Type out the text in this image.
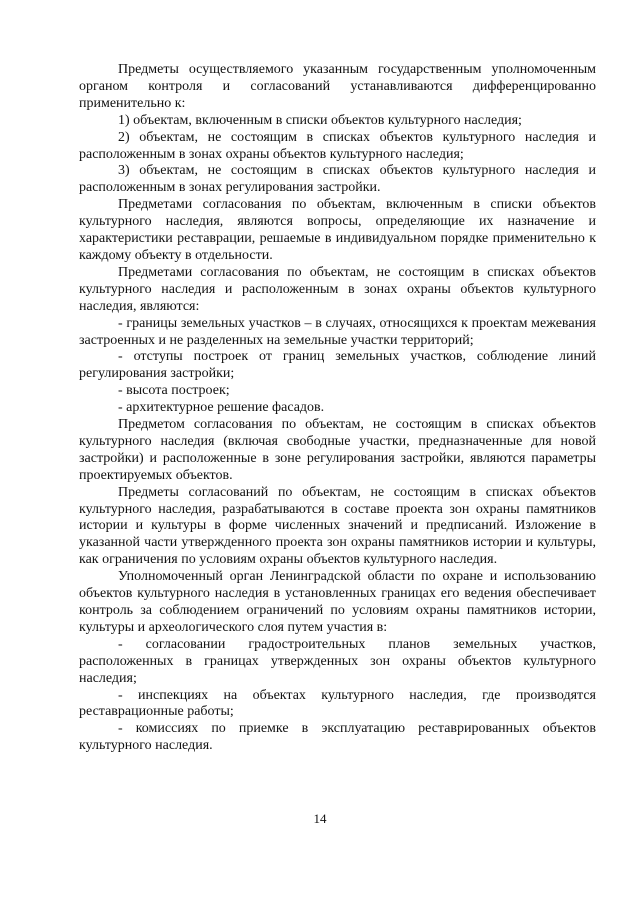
Предметы осуществляемого указанным государственным уполномоченным органом контроля и согласований устанавливаются дифференцированно применительно к:

1) объектам, включенным в списки объектов культурного наследия;

2) объектам, не состоящим в списках объектов культурного наследия и расположенным в зонах охраны объектов культурного наследия;

3) объектам, не состоящим в списках объектов культурного наследия и расположенным в зонах регулирования застройки.

Предметами согласования по объектам, включенным в списки объектов культурного наследия, являются вопросы, определяющие их назначение и характеристики реставрации, решаемые в индивидуальном порядке применительно к каждому объекту в отдельности.

Предметами согласования по объектам, не состоящим в списках объектов культурного наследия и расположенным в зонах охраны объектов культурного наследия, являются:

- границы земельных участков – в случаях, относящихся к проектам межевания застроенных и не разделенных на земельные участки территорий;

- отступы построек от границ земельных участков, соблюдение линий регулирования застройки;

- высота построек;

- архитектурное решение фасадов.

Предметом согласования по объектам, не состоящим в списках объектов культурного наследия (включая свободные участки, предназначенные для новой застройки) и расположенные в зоне регулирования застройки, являются параметры проектируемых объектов.

Предметы согласований по объектам, не состоящим в списках объектов культурного наследия, разрабатываются в составе проекта зон охраны памятников истории и культуры в форме численных значений и предписаний. Изложение в указанной части утвержденного проекта зон охраны памятников истории и культуры, как ограничения по условиям охраны объектов культурного наследия.

Уполномоченный орган Ленинградской области по охране и использованию объектов культурного наследия в установленных границах его ведения обеспечивает контроль за соблюдением ограничений по условиям охраны памятников истории, культуры и археологического слоя путем участия в:

- согласовании градостроительных планов земельных участков, расположенных в границах утвержденных зон охраны объектов культурного наследия;

- инспекциях на объектах культурного наследия, где производятся реставрационные работы;

- комиссиях по приемке в эксплуатацию реставрированных объектов культурного наследия.

14
